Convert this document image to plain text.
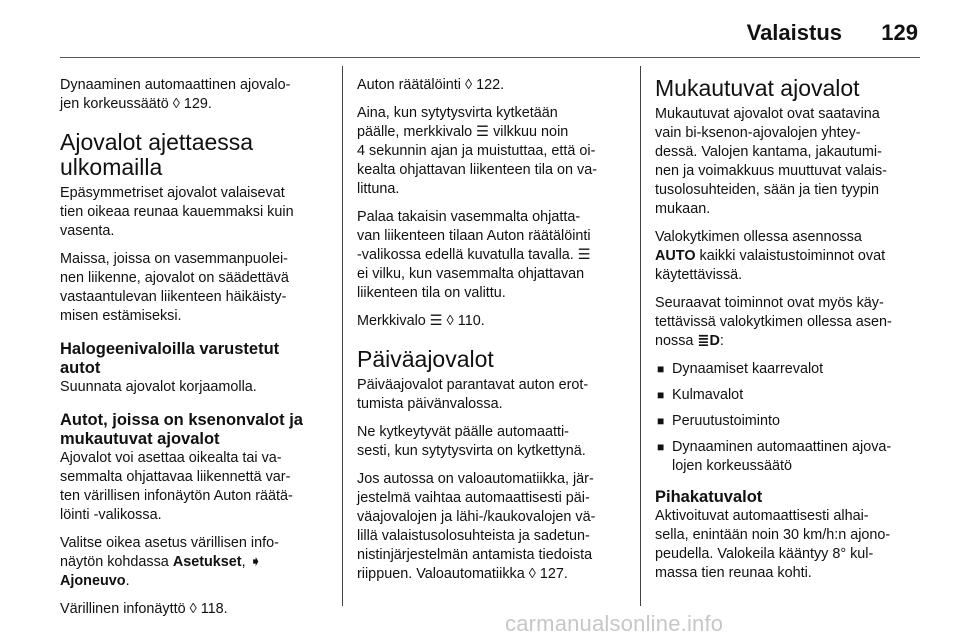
Valaistus 129

Dynaaminen automaattinen ajovalo-
jen korkeussäätö ◊ 129.

Ajovalot ajettaessa
ulkomailla

Epäsymmetriset ajovalot valaisevat
tien oikeaa reunaa kauemmaksi kuin
vasenta.

Maissa, joissa on vasemmanpuolei-
nen liikenne, ajovalot on säädettävä
vastaantulevan liikenteen häikäisty-
misen estämiseksi.

Halogeenivaloilla varustetut
autot

Suunnata ajovalot korjaamolla.

Autot, joissa on ksenonvalot ja
mukautuvat ajovalot

Ajovalot voi asettaa oikealta tai va-
semmalta ohjattavaa liikennettä var-
ten värillisen infonäytön Auton räätä-
löinti -valikossa.

Valitse oikea asetus värillisen info-
näytön kohdassa Asetukset, ➧
Ajoneuvo.

Värillinen infonäyttö ◊ 118.

Auton räätälöinti ◊ 122.

Aina, kun sytytysvirta kytketään
päälle, merkkivalo ☰ vilkkuu noin
4 sekunnin ajan ja muistuttaa, että oi-
kealta ohjattavan liikenteen tila on va-
littuna.

Palaa takaisin vasemmalta ohjatta-
van liikenteen tilaan Auton räätälöinti
-valikossa edellä kuvatulla tavalla. ☰
ei vilku, kun vasemmalta ohjattavan
liikenteen tila on valittu.

Merkkivalo ☰ ◊ 110.

Päiväajovalot

Päiväajovalot parantavat auton erot-
tumista päivänvalossa.

Ne kytkeytyvät päälle automaatti-
sesti, kun sytytysvirta on kytkettynä.

Jos autossa on valoautomatiikka, jär-
jestelmä vaihtaa automaattisesti päi-
väajovalojen ja lähi-/kaukovalojen vä-
lillä valaistusolosuhteista ja sadetun-
nistinjärjestelmän antamista tiedoista
riippuen. Valoautomatiikka ◊ 127.

Mukautuvat ajovalot

Mukautuvat ajovalot ovat saatavina
vain bi-ksenon-ajovalojen yhtey-
dessä. Valojen kantama, jakautumi-
nen ja voimakkuus muuttuvat valais-
tusolosuhteiden, sään ja tien tyypin
mukaan.

Valokytkimen ollessa asennossa
AUTO kaikki valaistustoiminnot ovat
käytettävissä.

Seuraavat toiminnot ovat myös käy-
tettävissä valokytkimen ollessa asen-
nossa ≣D:

■ Dynaamiset kaarrevalot
■ Kulmavalot
■ Peruutustoiminto
■ Dynaaminen automaattinen ajova-
lojen korkeussäätö
Pihakatuvalot

Aktivoituvat automaattisesti alhai-
sella, enintään noin 30 km/h:n ajono-
peudella. Valokeila kääntyy 8° kul-
massa tien reunaa kohti.

carmanualsonline.info
